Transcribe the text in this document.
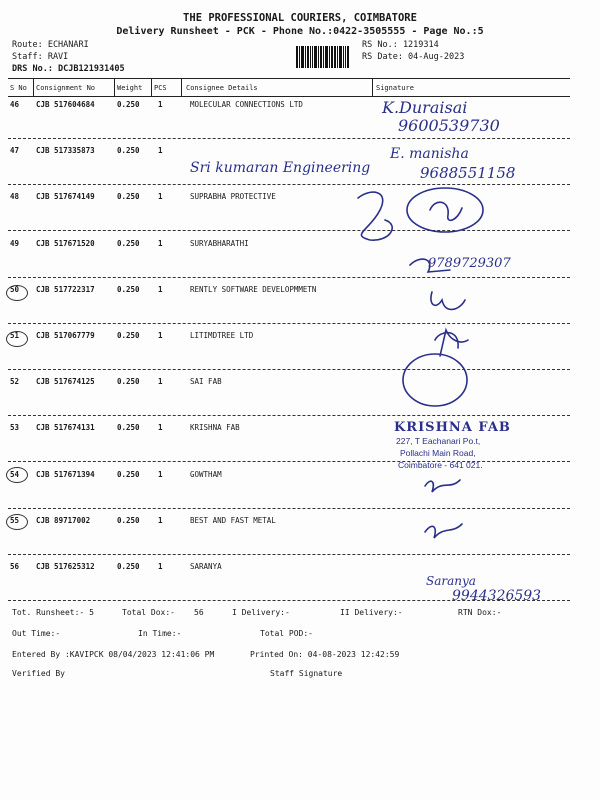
THE PROFESSIONAL COURIERS, COIMBATORE
Delivery Runsheet - PCK - Phone No.:0422-3505555 - Page No.:5
Route: ECHANARI
Staff: RAVI
DRS No.: DCJB121931405
RS No.: 1219314
RS Date: 04-Aug-2023
S No Consignment No	Weight PCS	Consignee Details	Signature
46 CJB 517604684	0.250 1	MOLECULAR CONNECTIONS LTD
47 CJB 517335873	0.250 1
48 CJB 517674149	0.250 1	SUPRABHA PROTECTIVE
49 CJB 517671520	0.250 1	SURYABHARATHI
50 CJB 517722317	0.250 1	RENTLY SOFTWARE DEVELOPMMETN
51 CJB 517067779	0.250 1	LITIMDTREE LTD
52 CJB 517674125	0.250 1	SAI FAB
53 CJB 517674131	0.250 1	KRISHNA FAB
54 CJB 517671394	0.250 1	GOWTHAM
55 CJB 89717002	0.250 1	BEST AND FAST METAL
56 CJB 517625312	0.250 1	SARANYA
K.Duraisai
9600539730
Sri kumaran Engineering
E. manisha
9688551158
9789729307
Saranya
9944326593
KRISHNA FAB
227, T Eachanari Po.t,
Pollachi Main Road,
Coimbatore - 641 021.
Tot. Runsheet:- 5	Total Dox:- 56	I Delivery:-	II Delivery:-	RTN Dox:-
Out Time:-	In Time:-	Total POD:-
Entered By :KAVIPCK 08/04/2023 12:41:06 PM	Printed On: 04-08-2023 12:42:59
Verified By	Staff Signature
